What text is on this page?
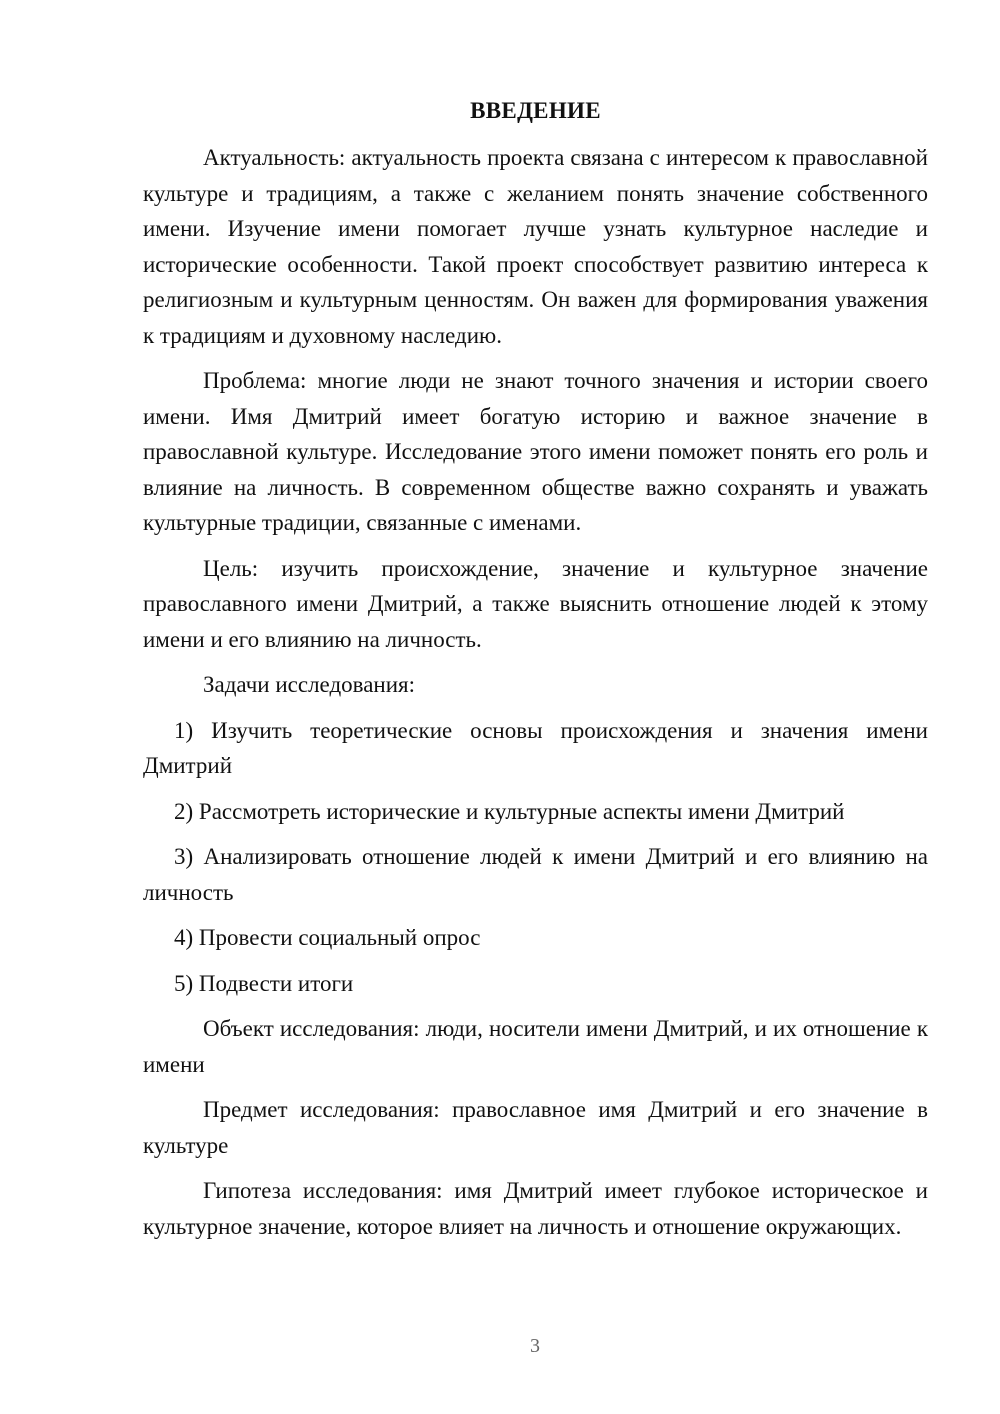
ВВЕДЕНИЕ

Актуальность: актуальность проекта связана с интересом к православной культуре и традициям, а также с желанием понять значение собственного имени. Изучение имени помогает лучше узнать культурное наследие и исторические особенности. Такой проект способствует развитию интереса к религиозным и культурным ценностям. Он важен для формирования уважения к традициям и духовному наследию.

Проблема: многие люди не знают точного значения и истории своего имени. Имя Дмитрий имеет богатую историю и важное значение в православной культуре. Исследование этого имени поможет понять его роль и влияние на личность. В современном обществе важно сохранять и уважать культурные традиции, связанные с именами.

Цель: изучить происхождение, значение и культурное значение православного имени Дмитрий, а также выяснить отношение людей к этому имени и его влиянию на личность.

Задачи исследования:

1) Изучить теоретические основы происхождения и значения имени Дмитрий

2) Рассмотреть исторические и культурные аспекты имени Дмитрий

3) Анализировать отношение людей к имени Дмитрий и его влиянию на личность

4) Провести социальный опрос

5) Подвести итоги

Объект исследования: люди, носители имени Дмитрий, и их отношение к имени

Предмет исследования: православное имя Дмитрий и его значение в культуре

Гипотеза исследования: имя Дмитрий имеет глубокое историческое и культурное значение, которое влияет на личность и отношение окружающих.

3
